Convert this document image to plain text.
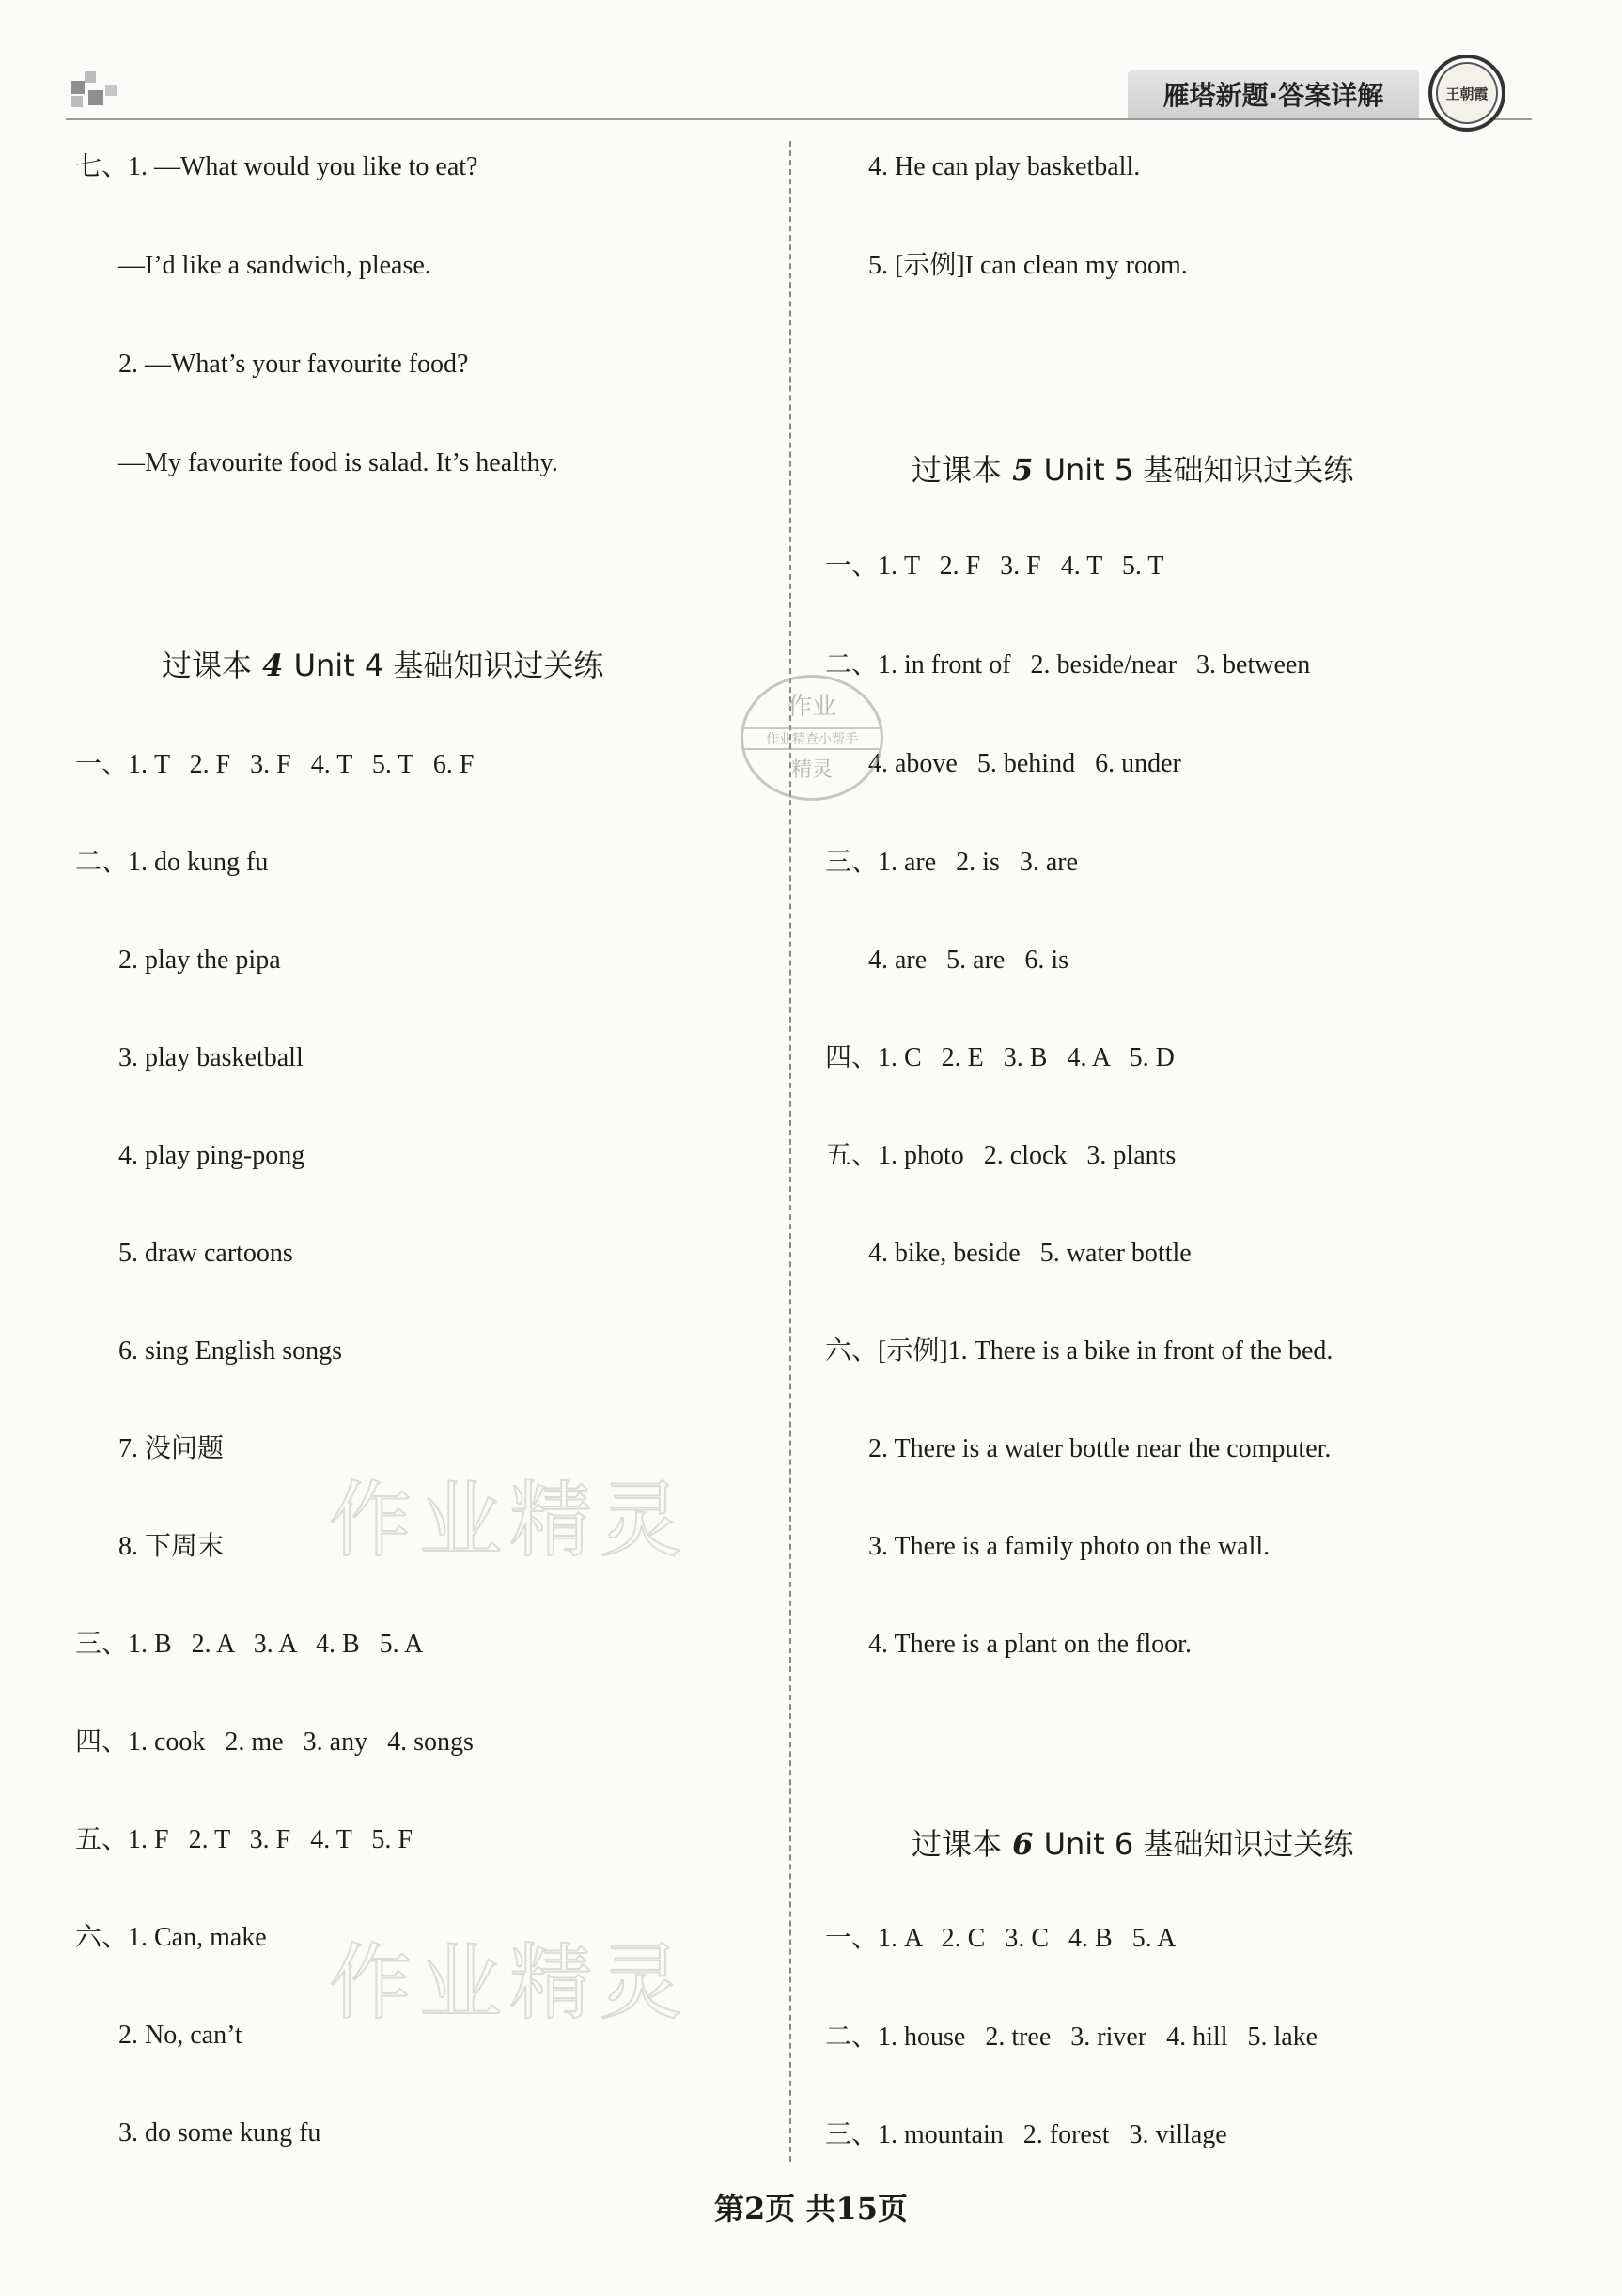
雁塔新题·答案详解	王朝霞
七、1. —What would you like to eat?
—I’d like a sandwich, please.
2. —What’s your favourite food?
—My favourite food is salad. It’s healthy.
过课本 4 Unit 4 基础知识过关练
一、1. T   2. F   3. F   4. T   5. T   6. F
二、1. do kung fu
2. play the pipa
3. play basketball
4. play ping-pong
5. draw cartoons
6. sing English songs
7. 没问题
8. 下周末
三、1. B   2. A   3. A   4. B   5. A
四、1. cook   2. me   3. any   4. songs
五、1. F   2. T   3. F   4. T   5. F
六、1. Can, make
2. No, can’t
3. do some kung fu
4. He can play basketball.
5. [示例]I can clean my room.
过课本 5 Unit 5 基础知识过关练
一、1. T   2. F   3. F   4. T   5. T
二、1. in front of   2. beside/near   3. between
4. above   5. behind   6. under
三、1. are   2. is   3. are
4. are   5. are   6. is
四、1. C   2. E   3. B   4. A   5. D
五、1. photo   2. clock   3. plants
4. bike, beside   5. water bottle
六、[示例]1. There is a bike in front of the bed.
2. There is a water bottle near the computer.
3. There is a family photo on the wall.
4. There is a plant on the floor.
过课本 6 Unit 6 基础知识过关练
一、1. A   2. C   3. C   4. B   5. A
二、1. house   2. tree   3. river   4. hill   5. lake
三、1. mountain   2. forest   3. village
作业
作业精查小帮手
精灵
作业精灵
作业精灵
第2页 共15页
